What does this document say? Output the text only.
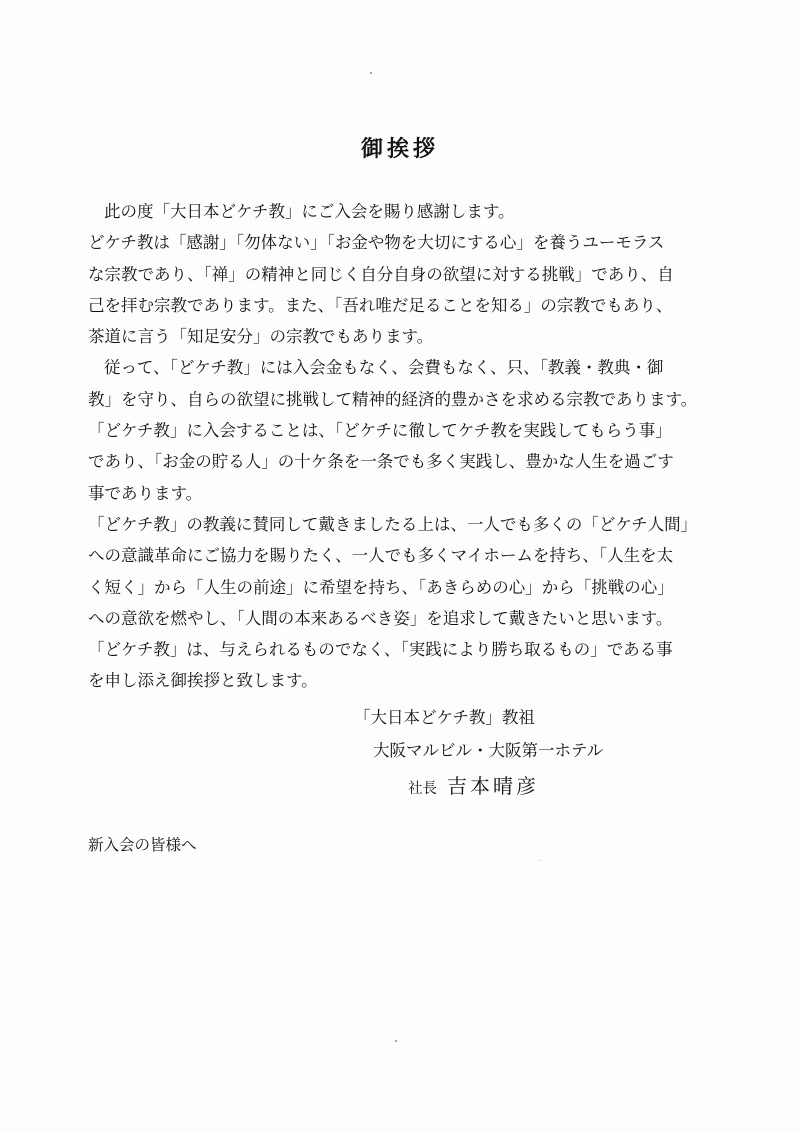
御挨拶
此の度「大日本どケチ教」にご入会を賜り感謝します。
どケチ教は「感謝」「勿体ない」「お金や物を大切にする心」を養うユーモラス
な宗教であり、「禅」の精神と同じく自分自身の欲望に対する挑戦」であり、自
己を拝む宗教であります。また、「吾れ唯だ足ることを知る」の宗教でもあり、
茶道に言う「知足安分」の宗教でもあります。
従って、「どケチ教」には入会金もなく、会費もなく、只、「教義・教典・御
教」を守り、自らの欲望に挑戦して精神的経済的豊かさを求める宗教であります。
「どケチ教」に入会することは、「どケチに徹してケチ教を実践してもらう事」
であり、「お金の貯る人」の十ケ条を一条でも多く実践し、豊かな人生を過ごす
事であります。
「どケチ教」の教義に賛同して戴きましたる上は、一人でも多くの「どケチ人間」
への意識革命にご協力を賜りたく、一人でも多くマイホームを持ち、「人生を太
く短く」から「人生の前途」に希望を持ち、「あきらめの心」から「挑戦の心」
への意欲を燃やし、「人間の本来あるべき姿」を追求して戴きたいと思います。
「どケチ教」は、与えられるものでなく、「実践により勝ち取るもの」である事
を申し添え御挨拶と致します。
「大日本どケチ教」教祖
大阪マルビル・大阪第一ホテル
社長 吉本晴彦
新入会の皆様へ
